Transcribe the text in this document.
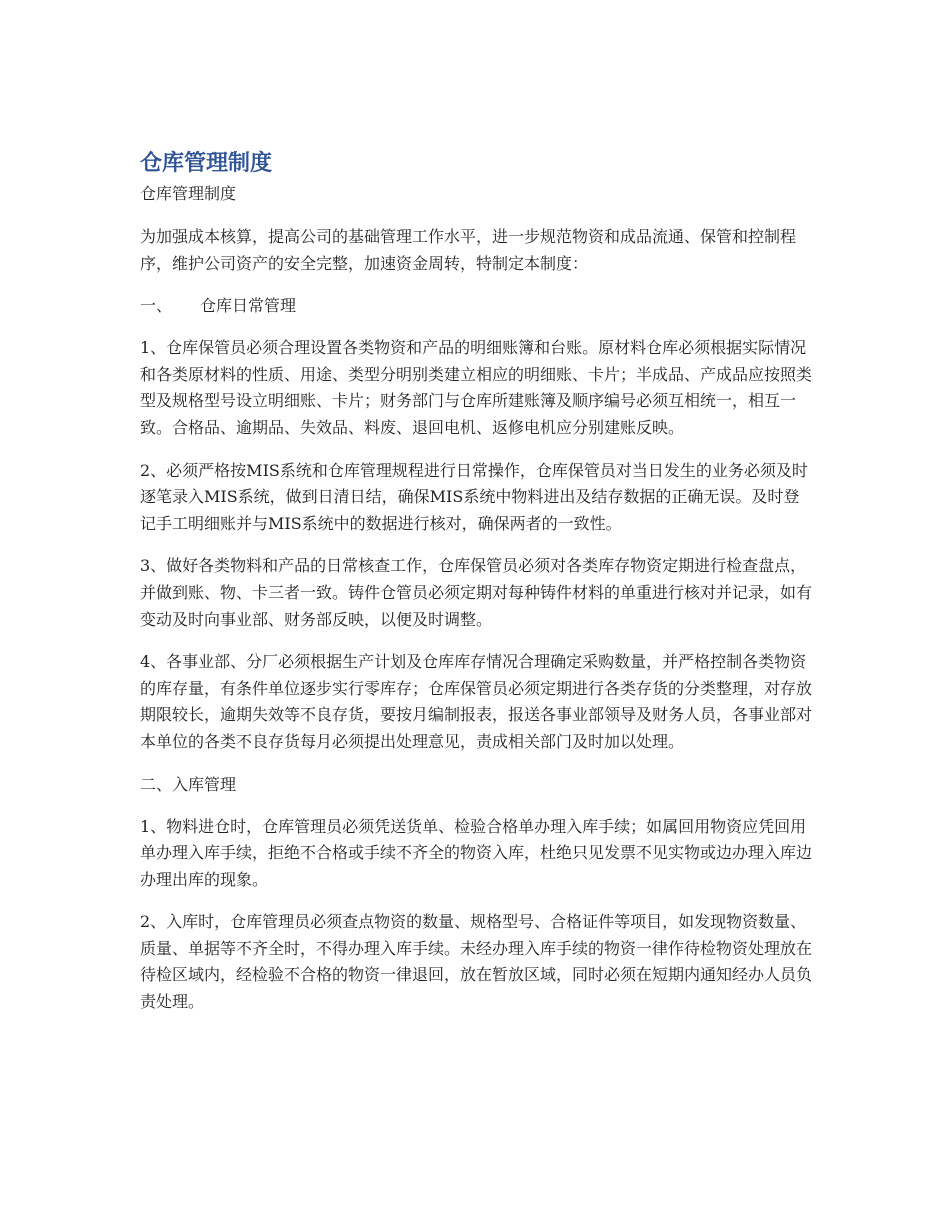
仓库管理制度
仓库管理制度

为加强成本核算，提高公司的基础管理工作水平，进一步规范物资和成品流通、保管和控制程序，维护公司资产的安全完整，加速资金周转，特制定本制度：

一、 仓库日常管理

1、仓库保管员必须合理设置各类物资和产品的明细账簿和台账。原材料仓库必须根据实际情况和各类原材料的性质、用途、类型分明别类建立相应的明细账、卡片；半成品、产成品应按照类型及规格型号设立明细账、卡片；财务部门与仓库所建账簿及顺序编号必须互相统一，相互一致。合格品、逾期品、失效品、料废、退回电机、返修电机应分别建账反映。

2、必须严格按MIS系统和仓库管理规程进行日常操作，仓库保管员对当日发生的业务必须及时逐笔录入MIS系统，做到日清日结，确保MIS系统中物料进出及结存数据的正确无误。及时登记手工明细账并与MIS系统中的数据进行核对，确保两者的一致性。

3、做好各类物料和产品的日常核查工作，仓库保管员必须对各类库存物资定期进行检查盘点，并做到账、物、卡三者一致。铸件仓管员必须定期对每种铸件材料的单重进行核对并记录，如有变动及时向事业部、财务部反映，以便及时调整。

4、各事业部、分厂必须根据生产计划及仓库库存情况合理确定采购数量，并严格控制各类物资的库存量，有条件单位逐步实行零库存；仓库保管员必须定期进行各类存货的分类整理，对存放期限较长，逾期失效等不良存货，要按月编制报表，报送各事业部领导及财务人员，各事业部对本单位的各类不良存货每月必须提出处理意见，责成相关部门及时加以处理。

二、入库管理

1、物料进仓时，仓库管理员必须凭送货单、检验合格单办理入库手续；如属回用物资应凭回用单办理入库手续，拒绝不合格或手续不齐全的物资入库，杜绝只见发票不见实物或边办理入库边办理出库的现象。

2、入库时，仓库管理员必须查点物资的数量、规格型号、合格证件等项目，如发现物资数量、质量、单据等不齐全时，不得办理入库手续。未经办理入库手续的物资一律作待检物资处理放在待检区域内，经检验不合格的物资一律退回，放在暂放区域，同时必须在短期内通知经办人员负责处理。
